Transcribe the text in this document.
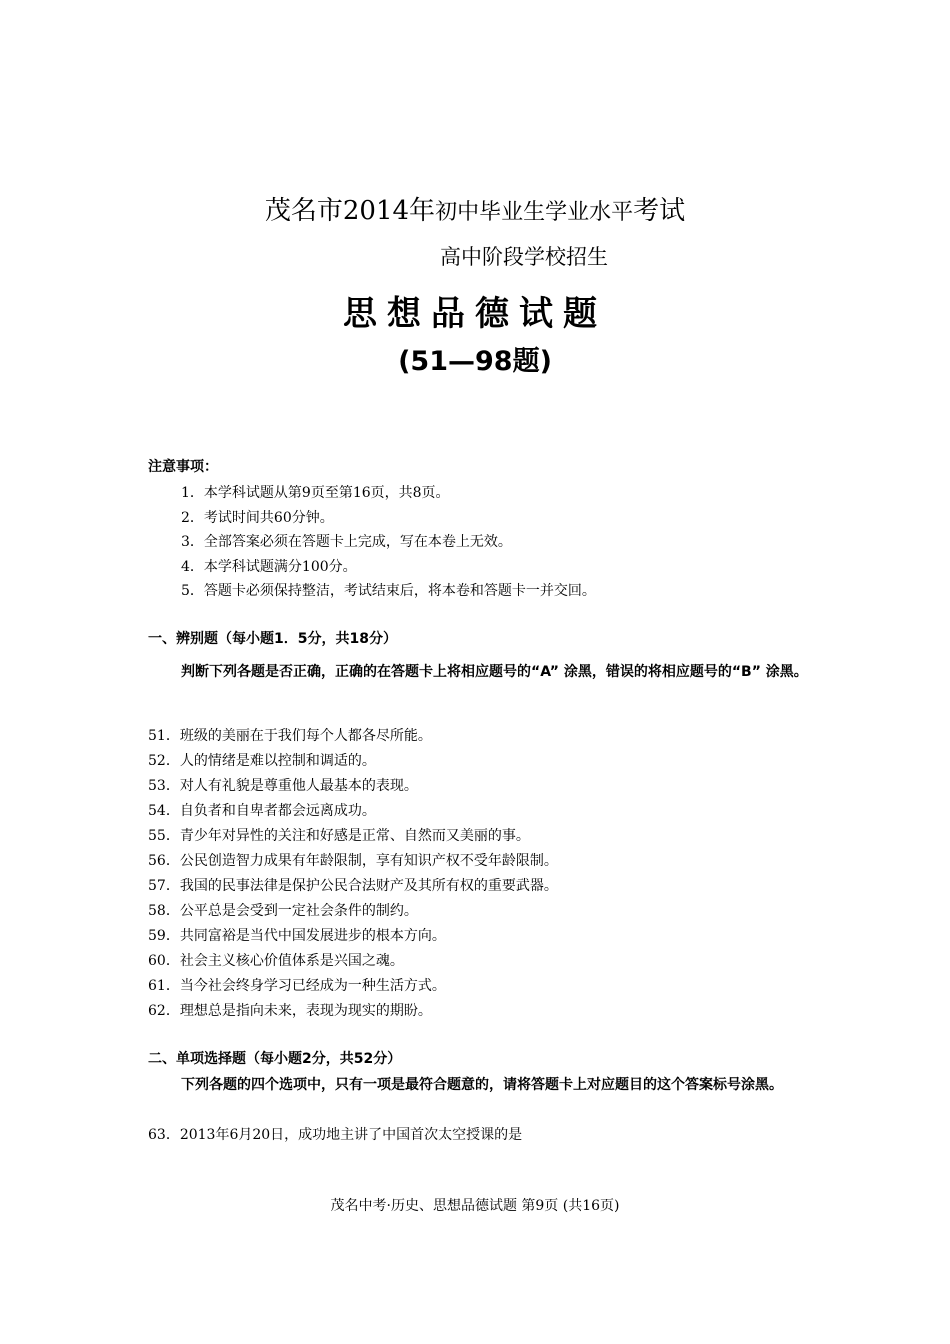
茂名市2014年初中毕业生学业水平考试
高中阶段学校招生
思想品德试题
(51—98题)
注意事项：
1．本学科试题从第9页至第16页，共8页。
2．考试时间共60分钟。
3．全部答案必须在答题卡上完成，写在本卷上无效。
4．本学科试题满分100分。
5．答题卡必须保持整洁，考试结束后，将本卷和答题卡一并交回。
一、辨别题（每小题1．5分，共18分）

判断下列各题是否正确，正确的在答题卡上将相应题号的“A” 涂黑，错误的将相应题号的“B” 涂黑。

51．班级的美丽在于我们每个人都各尽所能。
52．人的情绪是难以控制和调适的。
53．对人有礼貌是尊重他人最基本的表现。
54．自负者和自卑者都会远离成功。
55．青少年对异性的关注和好感是正常、自然而又美丽的事。
56．公民创造智力成果有年龄限制，享有知识产权不受年龄限制。
57．我国的民事法律是保护公民合法财产及其所有权的重要武器。
58．公平总是会受到一定社会条件的制约。
59．共同富裕是当代中国发展进步的根本方向。
60．社会主义核心价值体系是兴国之魂。
61．当今社会终身学习已经成为一种生活方式。
62．理想总是指向未来，表现为现实的期盼。
二、单项选择题（每小题2分，共52分）

下列各题的四个选项中，只有一项是最符合题意的，请将答题卡上对应题目的这个答案标号涂黑。

63．2013年6月20日，成功地主讲了中国首次太空授课的是
茂名中考·历史、思想品德试题 第9页 (共16页)
